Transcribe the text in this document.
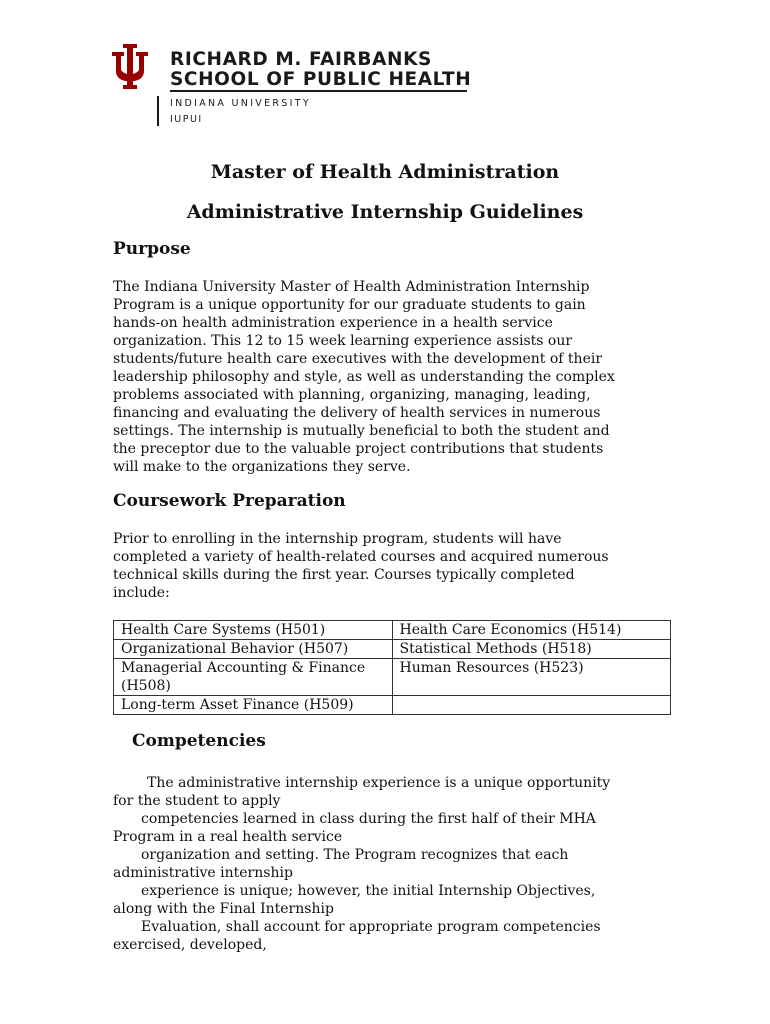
RICHARD M. FAIRBANKS
SCHOOL OF PUBLIC HEALTH
INDIANA UNIVERSITY
IUPUI
Master of Health Administration
Administrative Internship Guidelines
Purpose
The Indiana University Master of Health Administration Internship
Program is a unique opportunity for our graduate students to gain
hands-on health administration experience in a health service
organization. This 12 to 15 week learning experience assists our
students/future health care executives with the development of their
leadership philosophy and style, as well as understanding the complex
problems associated with planning, organizing, managing, leading,
financing and evaluating the delivery of health services in numerous
settings. The internship is mutually beneficial to both the student and
the preceptor due to the valuable project contributions that students
will make to the organizations they serve.
Coursework Preparation
Prior to enrolling in the internship program, students will have
completed a variety of health-related courses and acquired numerous
technical skills during the first year. Courses typically completed
include:
Health Care Systems (H501)	Health Care Economics (H514)
Organizational Behavior (H507)	Statistical Methods (H518)

Managerial Accounting & Finance
(H508)	Human Resources (H523)
Long-term Asset Finance (H509)	
Competencies
The administrative internship experience is a unique opportunity
for the student to apply
competencies learned in class during the first half of their MHA
Program in a real health service
organization and setting. The Program recognizes that each
administrative internship
experience is unique; however, the initial Internship Objectives,
along with the Final Internship
Evaluation, shall account for appropriate program competencies
exercised, developed,
